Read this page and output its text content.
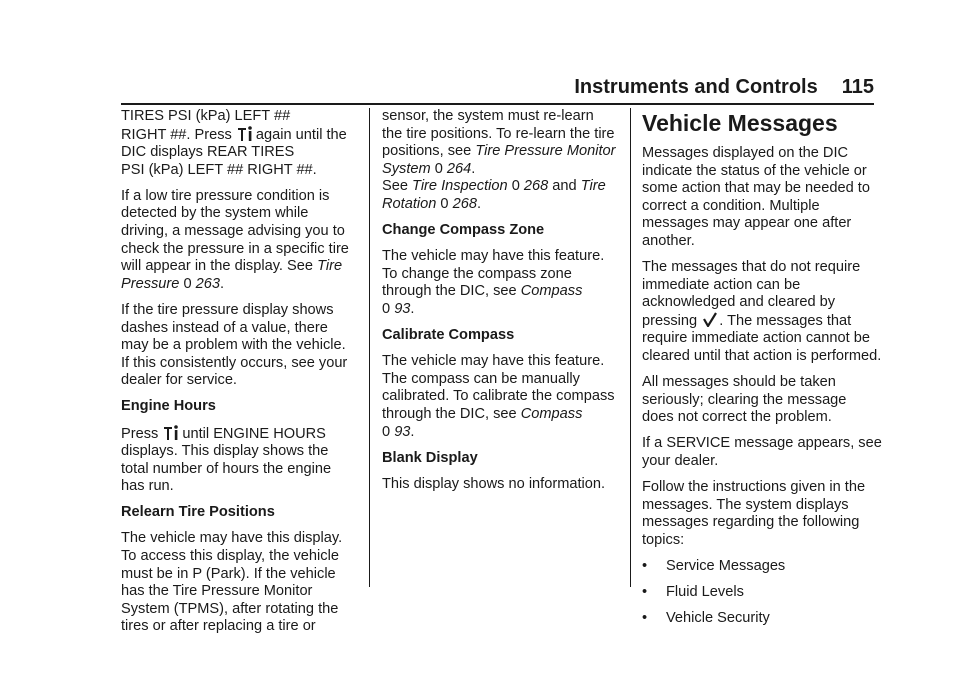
Instruments and Controls 115

TIRES PSI (kPa) LEFT ##
RIGHT ##. Press again until the
DIC displays REAR TIRES
PSI (kPa) LEFT ## RIGHT ##.

If a low tire pressure condition is detected by the system while driving, a message advising you to check the pressure in a specific tire will appear in the display. See Tire Pressure 0 263.

If the tire pressure display shows dashes instead of a value, there may be a problem with the vehicle. If this consistently occurs, see your dealer for service.

Engine Hours

Press until ENGINE HOURS displays. This display shows the total number of hours the engine has run.

Relearn Tire Positions

The vehicle may have this display. To access this display, the vehicle must be in P (Park). If the vehicle has the Tire Pressure Monitor System (TPMS), after rotating the tires or after replacing a tire or

sensor, the system must re-learn the tire positions. To re-learn the tire positions, see Tire Pressure Monitor System 0 264.
See Tire Inspection 0 268 and Tire Rotation 0 268.

Change Compass Zone

The vehicle may have this feature. To change the compass zone through the DIC, see Compass
0 93.

Calibrate Compass

The vehicle may have this feature. The compass can be manually calibrated. To calibrate the compass through the DIC, see Compass
0 93.

Blank Display

This display shows no information.

Vehicle Messages

Messages displayed on the DIC indicate the status of the vehicle or some action that may be needed to correct a condition. Multiple messages may appear one after another.

The messages that do not require immediate action can be acknowledged and cleared by
pressing . The messages that
require immediate action cannot be cleared until that action is performed.

All messages should be taken seriously; clearing the message does not correct the problem.

If a SERVICE message appears, see your dealer.

Follow the instructions given in the messages. The system displays messages regarding the following topics:

•	Service Messages
•	Fluid Levels
•	Vehicle Security
